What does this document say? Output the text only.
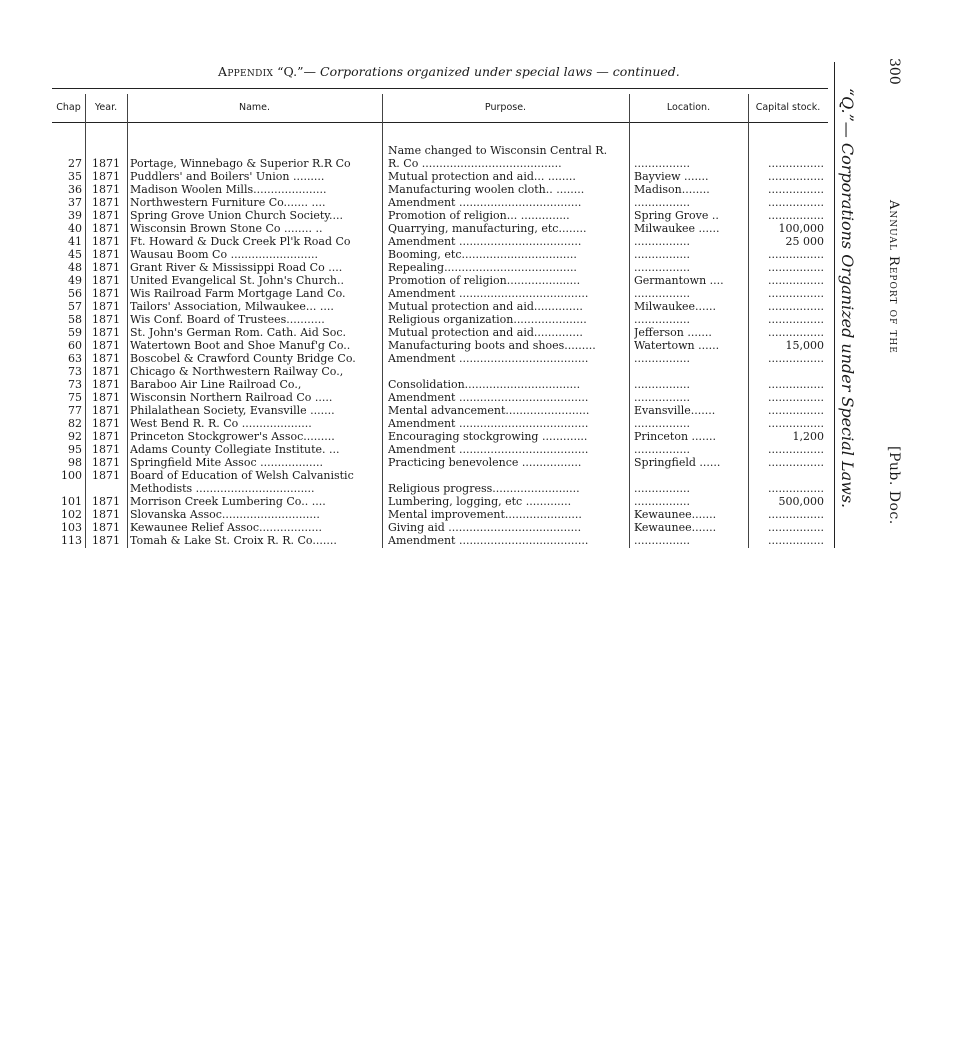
Appendix “Q.”— Corporations organized under special laws — continued.
Chap	Year.	Name.	Purpose.	Location.	Capital stock.
Name changed to Wisconsin Central R.
27 1871 Portage, Winnebago & Superior R.R Co	R. Co ........................................	................	................
35 1871 Puddlers' and Boilers' Union .........	Mutual protection and aid... ........	Bayview .......	................
36 1871 Madison Woolen Mills.....................	Manufacturing woolen cloth.. ........	Madison........	................
37 1871 Northwestern Furniture Co....... ....	Amendment ...................................	................	................
39 1871 Spring Grove Union Church Society....	Promotion of religion... ..............	Spring Grove ..	................
40 1871 Wisconsin Brown Stone Co ........ ..	Quarrying, manufacturing, etc........	Milwaukee ......	100,000
41 1871 Ft. Howard & Duck Creek Pl'k Road Co	Amendment ...................................	................	25 000
45 1871 Wausau Boom Co .........................	Booming, etc.................................	................	................
48 1871 Grant River & Mississippi Road Co ....	Repealing......................................	................	................
49 1871 United Evangelical St. John's Church..	Promotion of religion.....................	Germantown ....	................
56 1871 Wis Railroad Farm Mortgage Land Co.	Amendment .....................................	................	................
57 1871 Tailors' Association, Milwaukee... ....	Mutual protection and aid..............	Milwaukee......	................
58 1871 Wis Conf. Board of Trustees...........	Religious organization.....................	................	................
59 1871 St. John's German Rom. Cath. Aid Soc.	Mutual protection and aid..............	Jefferson .......	................
60 1871 Watertown Boot and Shoe Manuf'g Co..	Manufacturing boots and shoes.........	Watertown ......	15,000
63 1871 Boscobel & Crawford County Bridge Co.	Amendment .....................................	................	................
73 1871 Chicago & Northwestern Railway Co.,
73 1871 Baraboo Air Line Railroad Co.,	Consolidation.................................	................	................
75 1871 Wisconsin Northern Railroad Co .....	Amendment .....................................	................	................
77 1871 Philalathean Society, Evansville .......	Mental advancement........................	Evansville.......	................
82 1871 West Bend R. R. Co ....................	Amendment .....................................	................	................
92 1871 Princeton Stockgrower's Assoc.........	Encouraging stockgrowing .............	Princeton .......	1,200
95 1871 Adams County Collegiate Institute. ...	Amendment .....................................	................	................
98 1871 Springfield Mite Assoc ..................	Practicing benevolence .................	Springfield ......	................
100 1871 Board of Education of Welsh Calvanistic
Methodists ..................................	Religious progress.........................	................	................
101 1871 Morrison Creek Lumbering Co.. ....	Lumbering, logging, etc .............	................	500,000
102 1871 Slovanska Assoc............................	Mental improvement......................	Kewaunee.......	................
103 1871 Kewaunee Relief Assoc..................	Giving aid ......................................	Kewaunee.......	................
113 1871 Tomah & Lake St. Croix R. R. Co.......	Amendment .....................................	................	................
“Q.”— Corporations Organized under Special Laws.
300
Annual Report of the
[Pub. Doc.
